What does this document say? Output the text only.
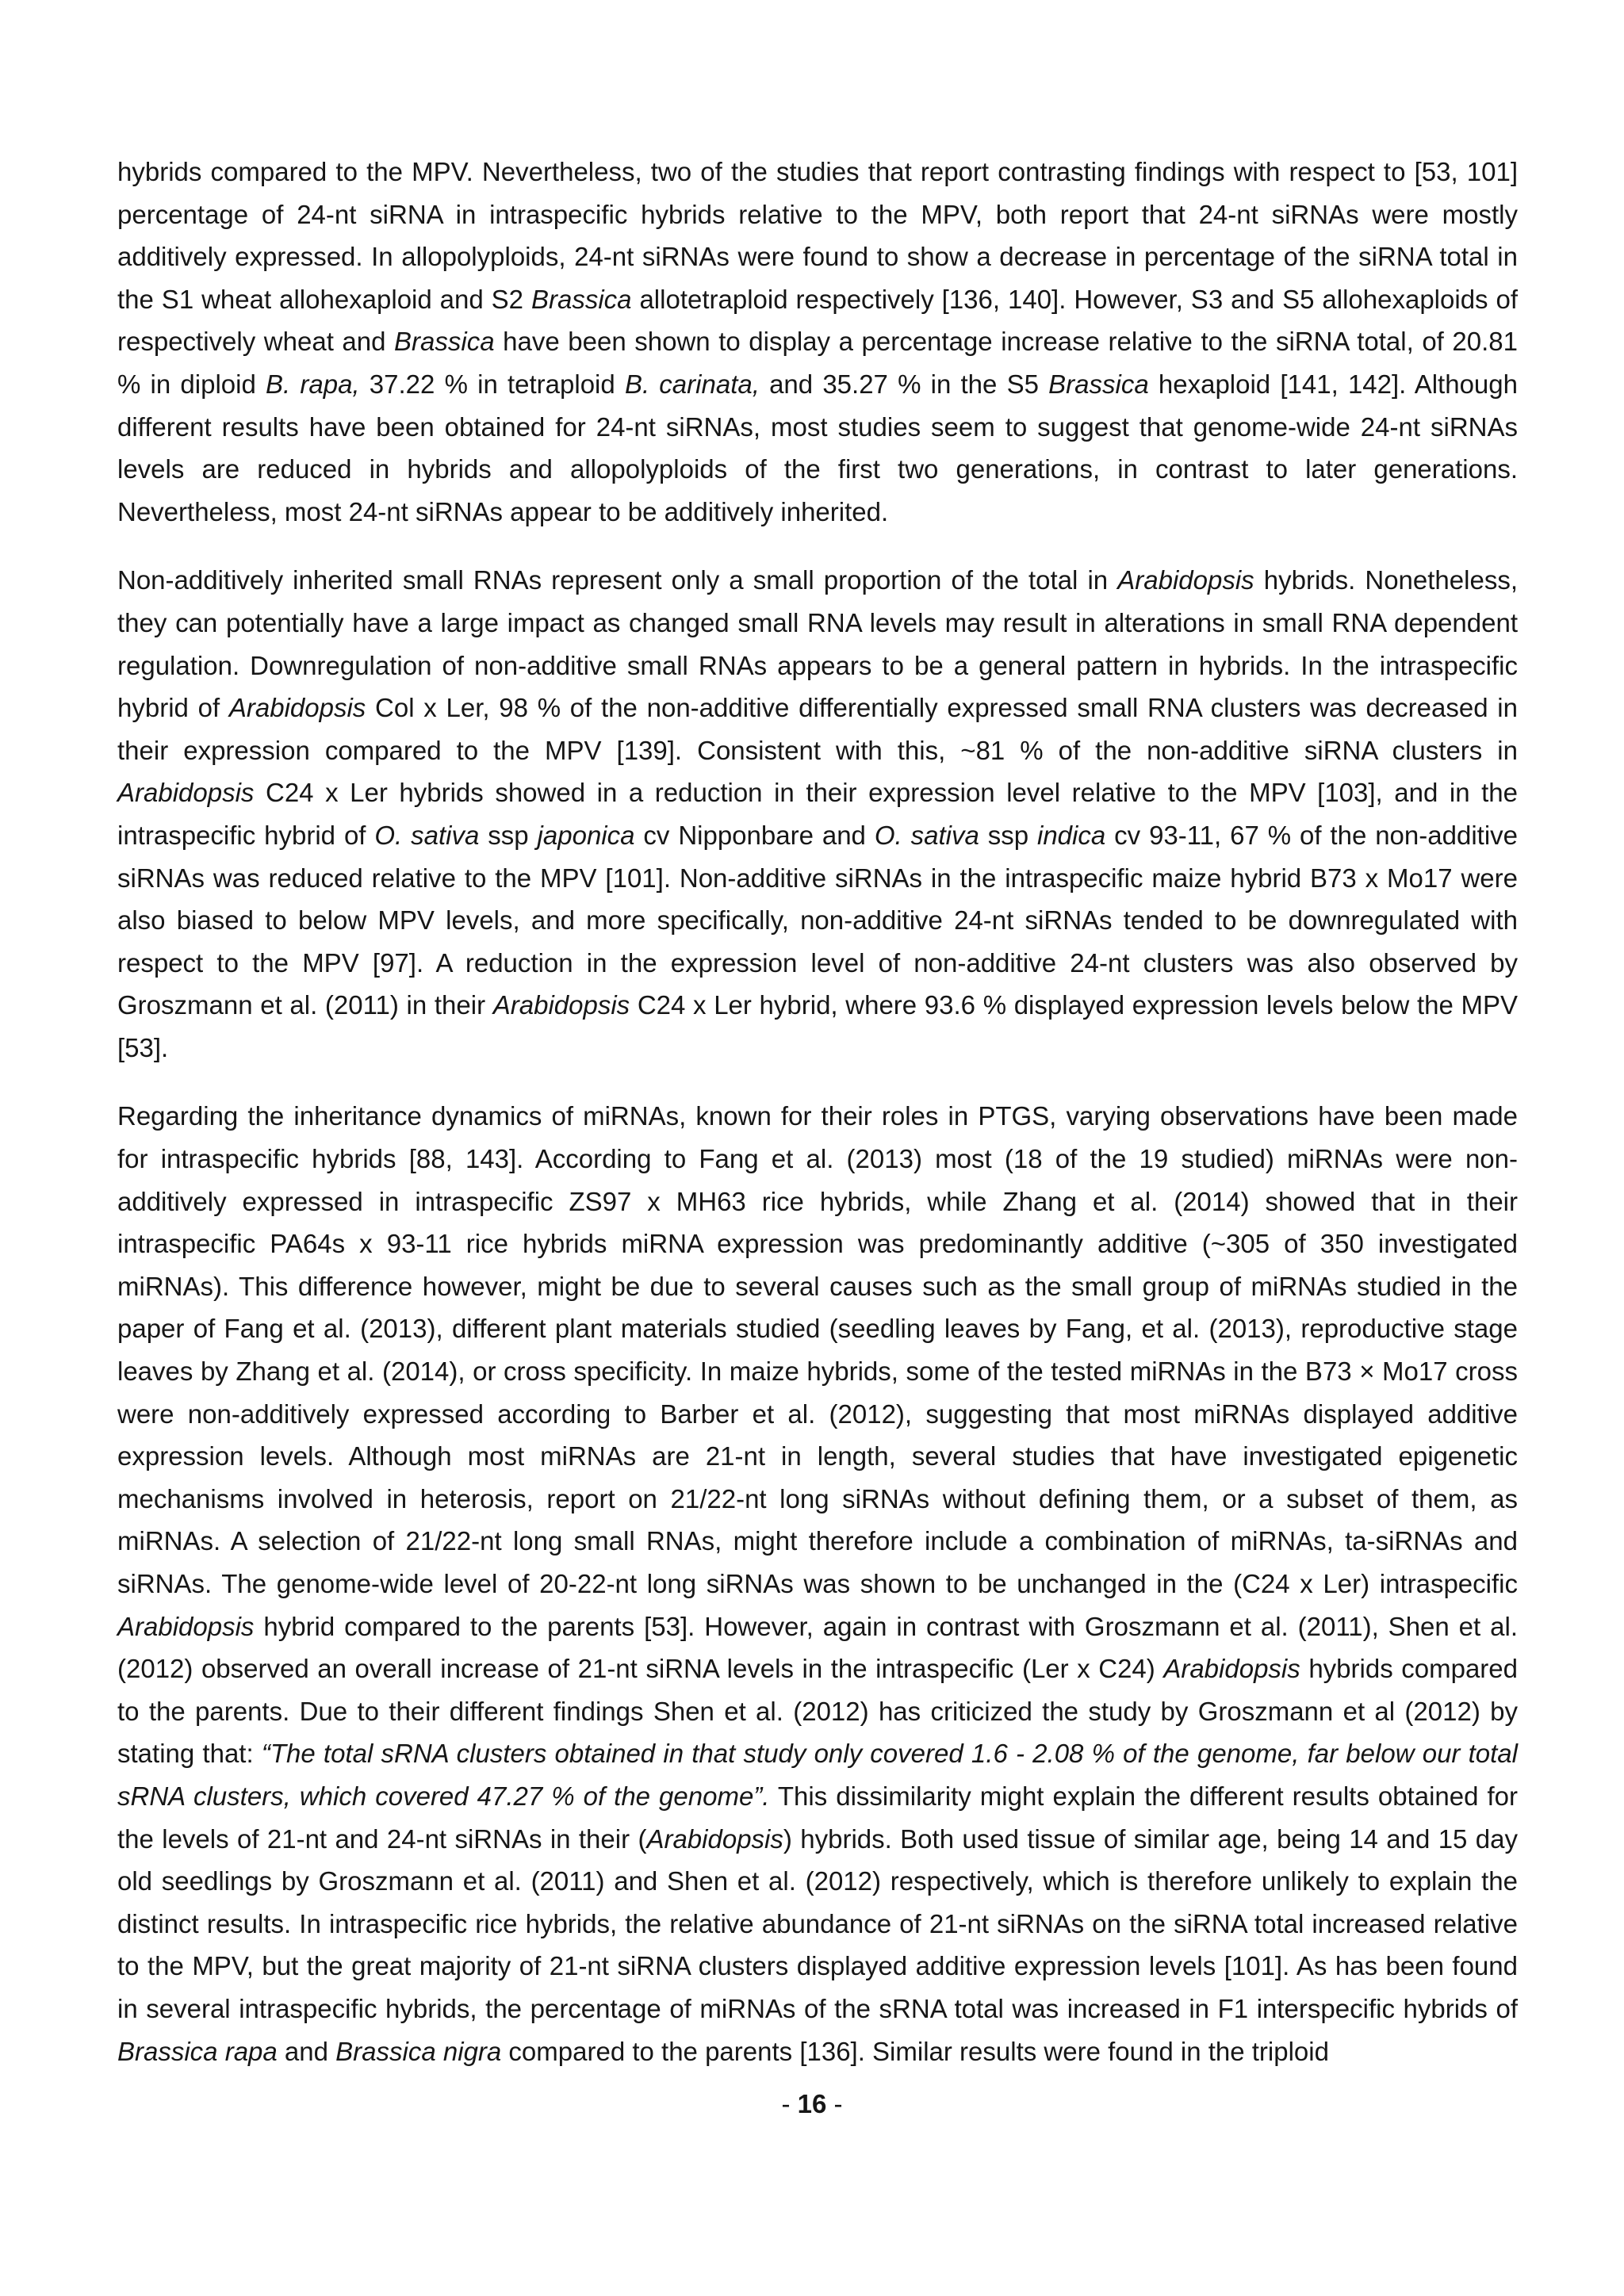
hybrids compared to the MPV. Nevertheless, two of the studies that report contrasting findings with respect to [53, 101] percentage of 24-nt siRNA in intraspecific hybrids relative to the MPV, both report that 24-nt siRNAs were mostly additively expressed. In allopolyploids, 24-nt siRNAs were found to show a decrease in percentage of the siRNA total in the S1 wheat allohexaploid and S2 Brassica allotetraploid respectively [136, 140]. However, S3 and S5 allohexaploids of respectively wheat and Brassica have been shown to display a percentage increase relative to the siRNA total, of 20.81 % in diploid B. rapa, 37.22 % in tetraploid B. carinata, and 35.27 % in the S5 Brassica hexaploid [141, 142]. Although different results have been obtained for 24-nt siRNAs, most studies seem to suggest that genome-wide 24-nt siRNAs levels are reduced in hybrids and allopolyploids of the first two generations, in contrast to later generations. Nevertheless, most 24-nt siRNAs appear to be additively inherited.

Non-additively inherited small RNAs represent only a small proportion of the total in Arabidopsis hybrids. Nonetheless, they can potentially have a large impact as changed small RNA levels may result in alterations in small RNA dependent regulation. Downregulation of non-additive small RNAs appears to be a general pattern in hybrids. In the intraspecific hybrid of Arabidopsis Col x Ler, 98 % of the non-additive differentially expressed small RNA clusters was decreased in their expression compared to the MPV [139]. Consistent with this, ~81 % of the non-additive siRNA clusters in Arabidopsis C24 x Ler hybrids showed in a reduction in their expression level relative to the MPV [103], and in the intraspecific hybrid of O. sativa ssp japonica cv Nipponbare and O. sativa ssp indica cv 93-11, 67 % of the non-additive siRNAs was reduced relative to the MPV [101]. Non-additive siRNAs in the intraspecific maize hybrid B73 x Mo17 were also biased to below MPV levels, and more specifically, non-additive 24-nt siRNAs tended to be downregulated with respect to the MPV [97]. A reduction in the expression level of non-additive 24-nt clusters was also observed by Groszmann et al. (2011) in their Arabidopsis C24 x Ler hybrid, where 93.6 % displayed expression levels below the MPV [53].

Regarding the inheritance dynamics of miRNAs, known for their roles in PTGS, varying observations have been made for intraspecific hybrids [88, 143]. According to Fang et al. (2013) most (18 of the 19 studied) miRNAs were non-additively expressed in intraspecific ZS97 x MH63 rice hybrids, while Zhang et al. (2014) showed that in their intraspecific PA64s x 93-11 rice hybrids miRNA expression was predominantly additive (~305 of 350 investigated miRNAs). This difference however, might be due to several causes such as the small group of miRNAs studied in the paper of Fang et al. (2013), different plant materials studied (seedling leaves by Fang, et al. (2013), reproductive stage leaves by Zhang et al. (2014), or cross specificity. In maize hybrids, some of the tested miRNAs in the B73 × Mo17 cross were non-additively expressed according to Barber et al. (2012), suggesting that most miRNAs displayed additive expression levels. Although most miRNAs are 21-nt in length, several studies that have investigated epigenetic mechanisms involved in heterosis, report on 21/22-nt long siRNAs without defining them, or a subset of them, as miRNAs. A selection of 21/22-nt long small RNAs, might therefore include a combination of miRNAs, ta-siRNAs and siRNAs. The genome-wide level of 20-22-nt long siRNAs was shown to be unchanged in the (C24 x Ler) intraspecific Arabidopsis hybrid compared to the parents [53]. However, again in contrast with Groszmann et al. (2011), Shen et al. (2012) observed an overall increase of 21-nt siRNA levels in the intraspecific (Ler x C24) Arabidopsis hybrids compared to the parents. Due to their different findings Shen et al. (2012) has criticized the study by Groszmann et al (2012) by stating that: “The total sRNA clusters obtained in that study only covered 1.6 - 2.08 % of the genome, far below our total sRNA clusters, which covered 47.27 % of the genome”. This dissimilarity might explain the different results obtained for the levels of 21-nt and 24-nt siRNAs in their (Arabidopsis) hybrids. Both used tissue of similar age, being 14 and 15 day old seedlings by Groszmann et al. (2011) and Shen et al. (2012) respectively, which is therefore unlikely to explain the distinct results. In intraspecific rice hybrids, the relative abundance of 21-nt siRNAs on the siRNA total increased relative to the MPV, but the great majority of 21-nt siRNA clusters displayed additive expression levels [101]. As has been found in several intraspecific hybrids, the percentage of miRNAs of the sRNA total was increased in F1 interspecific hybrids of Brassica rapa and Brassica nigra compared to the parents [136]. Similar results were found in the triploid

- 16 -
